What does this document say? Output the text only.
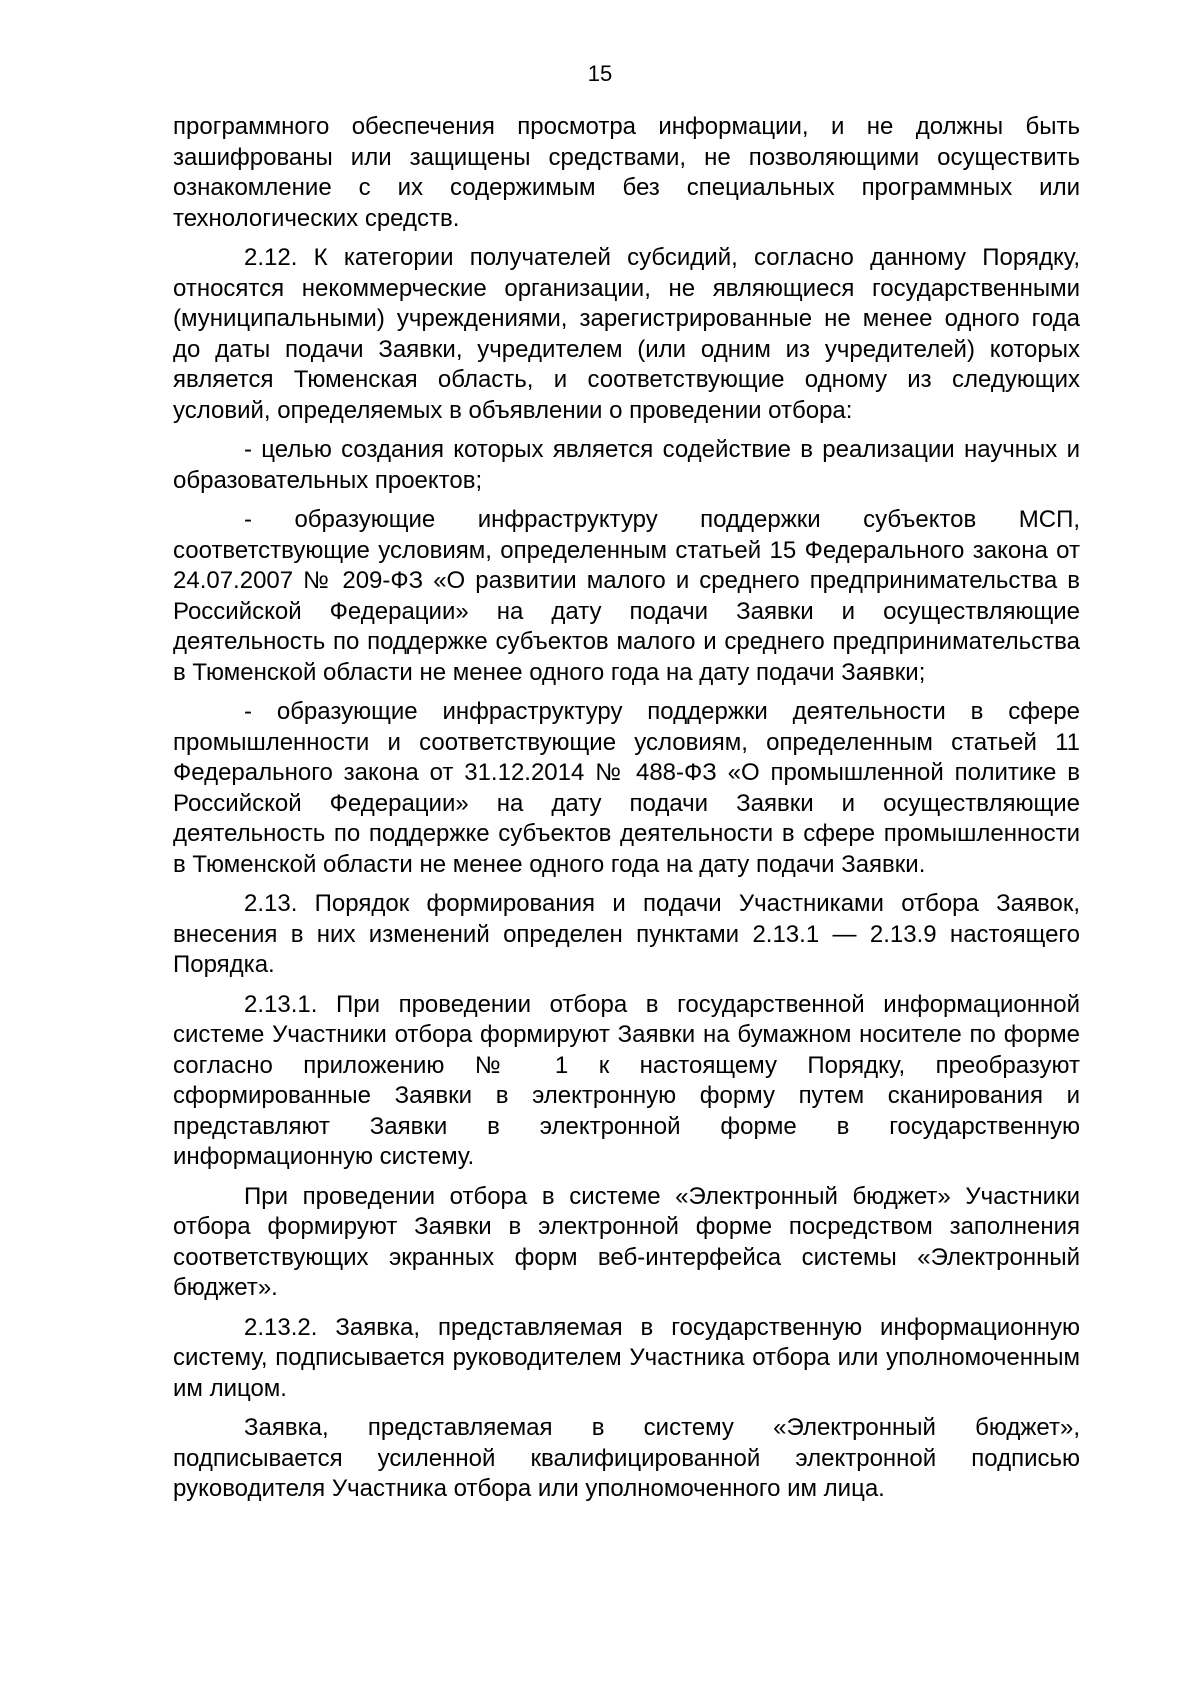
15

программного обеспечения просмотра информации, и не должны быть зашифрованы или защищены средствами, не позволяющими осуществить ознакомление с их содержимым без специальных программных или технологических средств.

2.12. К категории получателей субсидий, согласно данному Порядку, относятся некоммерческие организации, не являющиеся государственными (муниципальными) учреждениями, зарегистрированные не менее одного года до даты подачи Заявки, учредителем (или одним из учредителей) которых является Тюменская область, и соответствующие одному из следующих условий, определяемых в объявлении о проведении отбора:

- целью создания которых является содействие в реализации научных и образовательных проектов;

- образующие инфраструктуру поддержки субъектов МСП, соответствующие условиям, определенным статьей 15 Федерального закона от 24.07.2007 № 209-ФЗ «О развитии малого и среднего предпринимательства в Российской Федерации» на дату подачи Заявки и осуществляющие деятельность по поддержке субъектов малого и среднего предпринимательства в Тюменской области не менее одного года на дату подачи Заявки;

- образующие инфраструктуру поддержки деятельности в сфере промышленности и соответствующие условиям, определенным статьей 11 Федерального закона от 31.12.2014 № 488-ФЗ «О промышленной политике в Российской Федерации» на дату подачи Заявки и осуществляющие деятельность по поддержке субъектов деятельности в сфере промышленности в Тюменской области не менее одного года на дату подачи Заявки.

2.13. Порядок формирования и подачи Участниками отбора Заявок, внесения в них изменений определен пунктами 2.13.1 — 2.13.9 настоящего Порядка.

2.13.1. При проведении отбора в государственной информационной системе Участники отбора формируют Заявки на бумажном носителе по форме согласно приложению № 1 к настоящему Порядку, преобразуют сформированные Заявки в электронную форму путем сканирования и представляют Заявки в электронной форме в государственную информационную систему.

При проведении отбора в системе «Электронный бюджет» Участники отбора формируют Заявки в электронной форме посредством заполнения соответствующих экранных форм веб-интерфейса системы «Электронный бюджет».

2.13.2. Заявка, представляемая в государственную информационную систему, подписывается руководителем Участника отбора или уполномоченным им лицом.

Заявка, представляемая в систему «Электронный бюджет», подписывается усиленной квалифицированной электронной подписью руководителя Участника отбора или уполномоченного им лица.
